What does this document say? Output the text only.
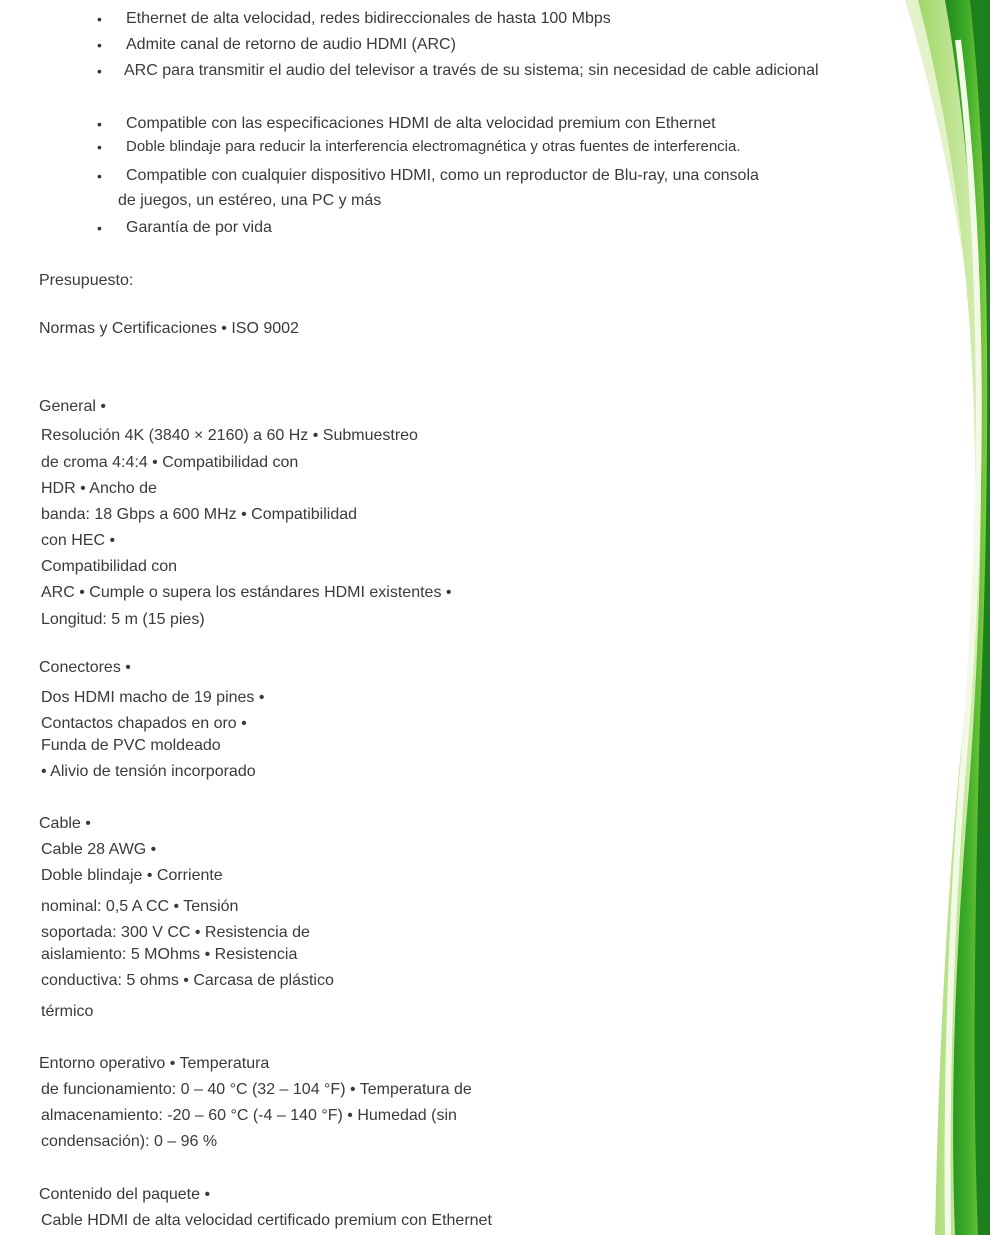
• Ethernet de alta velocidad, redes bidireccionales de hasta 100 Mbps
• Admite canal de retorno de audio HDMI (ARC)
• ARC para transmitir el audio del televisor a través de su sistema; sin necesidad de cable adicional
• Compatible con las especificaciones HDMI de alta velocidad premium con Ethernet
• Doble blindaje para reducir la interferencia electromagnética y otras fuentes de interferencia.
• Compatible con cualquier dispositivo HDMI, como un reproductor de Blu-ray, una consola
de juegos, un estéreo, una PC y más
• Garantía de por vida
Presupuesto:
Normas y Certificaciones • ISO 9002
General •
Resolución 4K (3840 × 2160) a 60 Hz • Submuestreo
de croma 4:4:4 • Compatibilidad con
HDR • Ancho de
banda: 18 Gbps a 600 MHz • Compatibilidad
con HEC •
Compatibilidad con
ARC • Cumple o supera los estándares HDMI existentes •
Longitud: 5 m (15 pies)
Conectores •
Dos HDMI macho de 19 pines •
Contactos chapados en oro •
Funda de PVC moldeado
• Alivio de tensión incorporado
Cable •
Cable 28 AWG •
Doble blindaje • Corriente
nominal: 0,5 A CC • Tensión
soportada: 300 V CC • Resistencia de
aislamiento: 5 MOhms • Resistencia
conductiva: 5 ohms • Carcasa de plástico
térmico
Entorno operativo • Temperatura
de funcionamiento: 0 – 40 °C (32 – 104 °F) • Temperatura de
almacenamiento: -20 – 60 °C (-4 – 140 °F) • Humedad (sin
condensación): 0 – 96 %
Contenido del paquete •
Cable HDMI de alta velocidad certificado premium con Ethernet
